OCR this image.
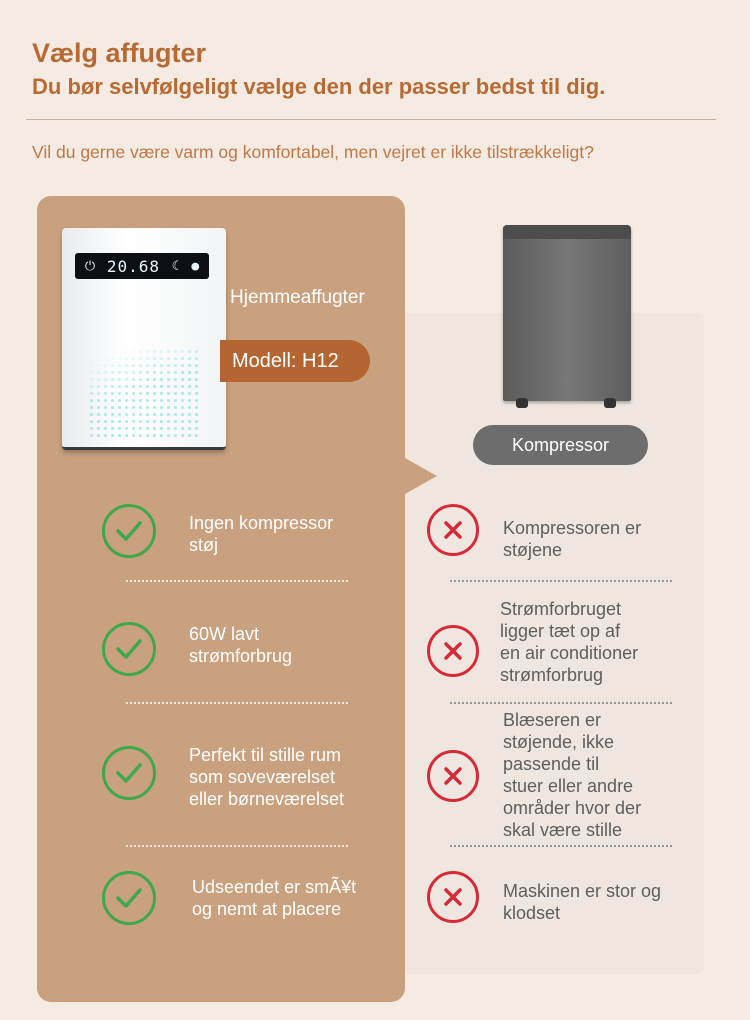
Vælg affugter
Du bør selvfølgeligt vælge den der passer bedst til dig.
Vil du gerne være varm og komfortabel, men vejret er ikke tilstrækkeligt?
⏻ 20.68 ☾ ●
Hjemmeaffugter
Modell: H12
Kompressor
Ingen kompressor
støj
60W lavt
strømforbrug
Perfekt til stille rum
som soveværelset
eller børneværelset
Udseendet er smÃ¥t
og nemt at placere
Kompressoren er
støjene
Strømforbruget
ligger tæt op af
en air conditioner
strømforbrug
Blæseren er
støjende, ikke
passende til
stuer eller andre
områder hvor der
skal være stille
Maskinen er stor og
klodset
